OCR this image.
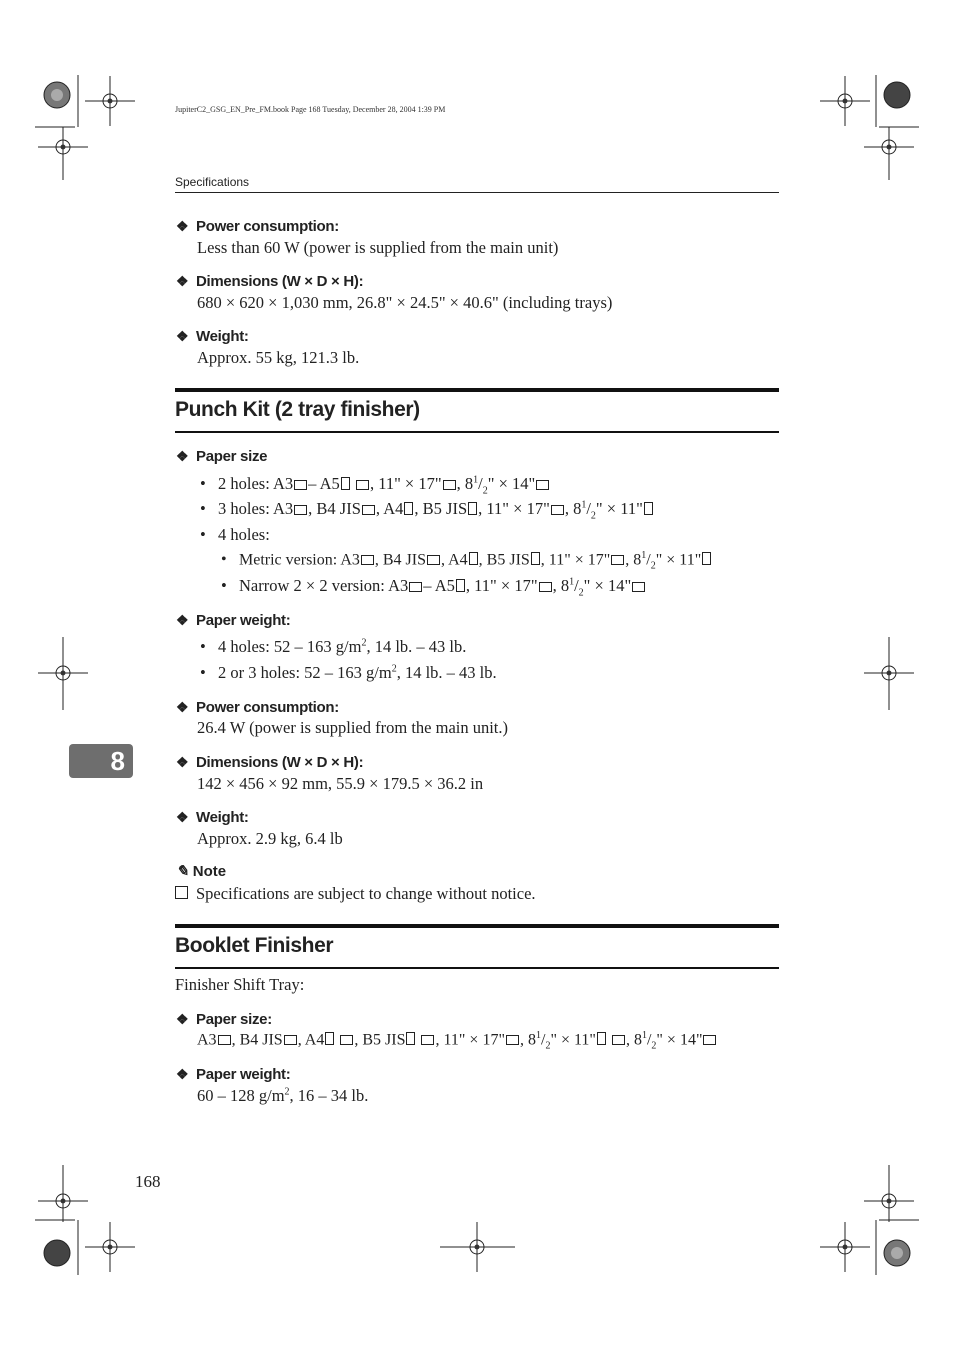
JupiterC2_GSG_EN_Pre_FM.book Page 168 Tuesday, December 28, 2004 1:39 PM
Specifications
❖ Power consumption:
Less than 60 W (power is supplied from the main unit)
❖ Dimensions (W × D × H):
680 × 620 × 1,030 mm, 26.8" × 24.5" × 40.6" (including trays)
❖ Weight:
Approx. 55 kg, 121.3 lb.
Punch Kit (2 tray finisher)
❖ Paper size
• 2 holes: A3 – A5 , 11" × 17" , $8^1/_2$" × 14"
• 3 holes: A3 , B4 JIS , A4 , B5 JIS , 11" × 17" , $8^1/_2$" × 11"
• 4 holes:
• Metric version: A3 , B4 JIS , A4 , B5 JIS , 11" × 17" , $8^1/_2$" × 11"
• Narrow 2 × 2 version: A3 – A5 , 11" × 17" , $8^1/_2$" × 14"
❖ Paper weight:
• 4 holes: 52 – 163 $g/m^2$, 14 lb. – 43 lb.
• 2 or 3 holes: 52 – 163 $g/m^2$, 14 lb. – 43 lb.
❖ Power consumption:
26.4 W (power is supplied from the main unit.)
❖ Dimensions (W × D × H):
142 × 456 × 92 mm, 55.9 × 179.5 × 36.2 in
❖ Weight:
Approx. 2.9 kg, 6.4 lb
✎ Note
Specifications are subject to change without notice.
Booklet Finisher
Finisher Shift Tray:
❖ Paper size:
A3 , B4 JIS , A4 , B5 JIS , 11" × 17" , $8^1/_2$" × 11" , $8^1/_2$" × 14"
❖ Paper weight:
60 – 128 $g/m^2$, 16 – 34 lb.
8
168
